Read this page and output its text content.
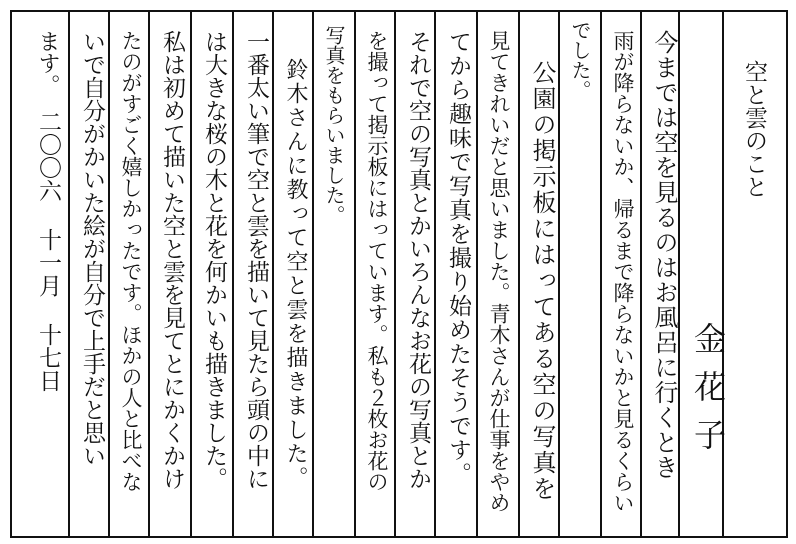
空と雲のこと
金花子
今までは空を見るのはお風呂に行くとき
雨が降らないか、帰るまで降らないかと見るくらい
でした。
公園の掲示板にはってある空の写真を
見てきれいだと思いました。青木さんが仕事をやめ
てから趣味で写真を撮り始めたそうです。
それで空の写真とかいろんなお花の写真とか
を撮って掲示板にはっています。私も２枚お花の
写真をもらいました。
鈴木さんに教って空と雲を描きました。
一番太い筆で空と雲を描いて見たら頭の中に
は大きな桜の木と花を何かいも描きました。
私は初めて描いた空と雲を見てとにかくかけ
たのがすごく嬉しかったです。ほかの人と比べな
いで自分がかいた絵が自分で上手だと思い
ます。
二〇〇六 十一月 十七日
